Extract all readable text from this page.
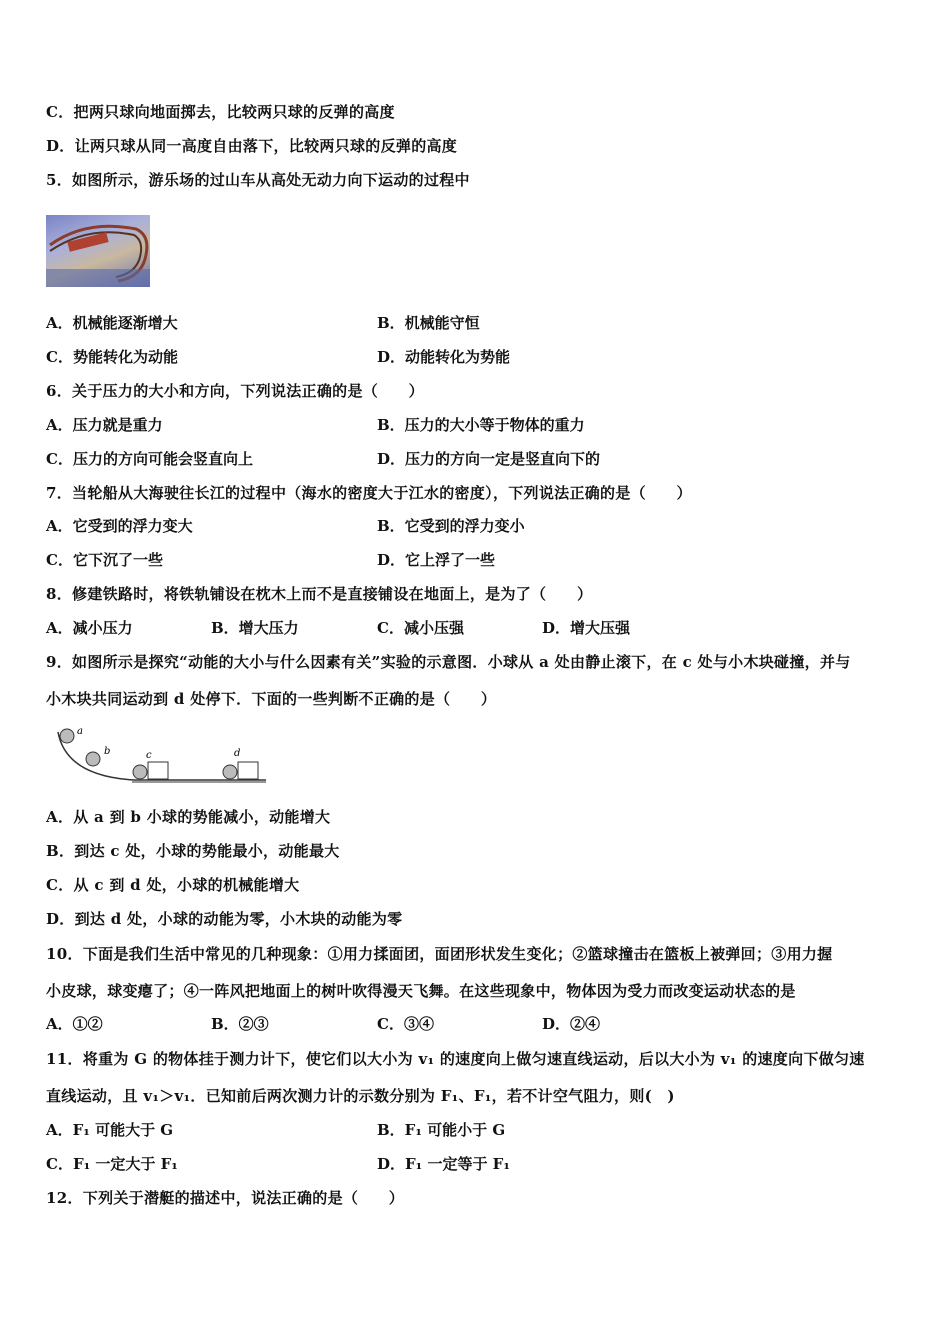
C．把两只球向地面掷去，比较两只球的反弹的高度
D．让两只球从同一高度自由落下，比较两只球的反弹的高度
5．如图所示，游乐场的过山车从高处无动力向下运动的过程中
A．机械能逐渐增大	B．机械能守恒
C．势能转化为动能	D．动能转化为势能
6．关于压力的大小和方向，下列说法正确的是（　　）
A．压力就是重力	B．压力的大小等于物体的重力
C．压力的方向可能会竖直向上	D．压力的方向一定是竖直向下的
7．当轮船从大海驶往长江的过程中（海水的密度大于江水的密度），下列说法正确的是（　　）
A．它受到的浮力变大	B．它受到的浮力变小
C．它下沉了一些	D．它上浮了一些
8．修建铁路时，将铁轨铺设在枕木上而不是直接铺设在地面上，是为了（　　）
A．减小压力	B．增大压力	C．减小压强	D．增大压强
9．如图所示是探究“动能的大小与什么因素有关”实验的示意图．小球从 a 处由静止滚下，在 c 处与小木块碰撞，并与
小木块共同运动到 d 处停下．下面的一些判断不正确的是（　　）
a
b	c	d
A．从 a 到 b 小球的势能减小，动能增大
B．到达 c 处，小球的势能最小，动能最大
C．从 c 到 d 处，小球的机械能增大
D．到达 d 处，小球的动能为零，小木块的动能为零
10．下面是我们生活中常见的几种现象：①用力揉面团，面团形状发生变化；②篮球撞击在篮板上被弹回；③用力握
小皮球，球变瘪了；④一阵风把地面上的树叶吹得漫天飞舞。在这些现象中，物体因为受力而改变运动状态的是
A．①②	B．②③	C．③④	D．②④
11．将重为 G 的物体挂于测力计下，使它们以大小为 v₁ 的速度向上做匀速直线运动，后以大小为 v₁ 的速度向下做匀速
直线运动，且 v₁＞v₁．已知前后两次测力计的示数分别为 F₁、F₁，若不计空气阻力，则(　)
A．F₁ 可能大于 G	B．F₁ 可能小于 G
C．F₁ 一定大于 F₁	D．F₁ 一定等于 F₁
12．下列关于潜艇的描述中，说法正确的是（　　）
